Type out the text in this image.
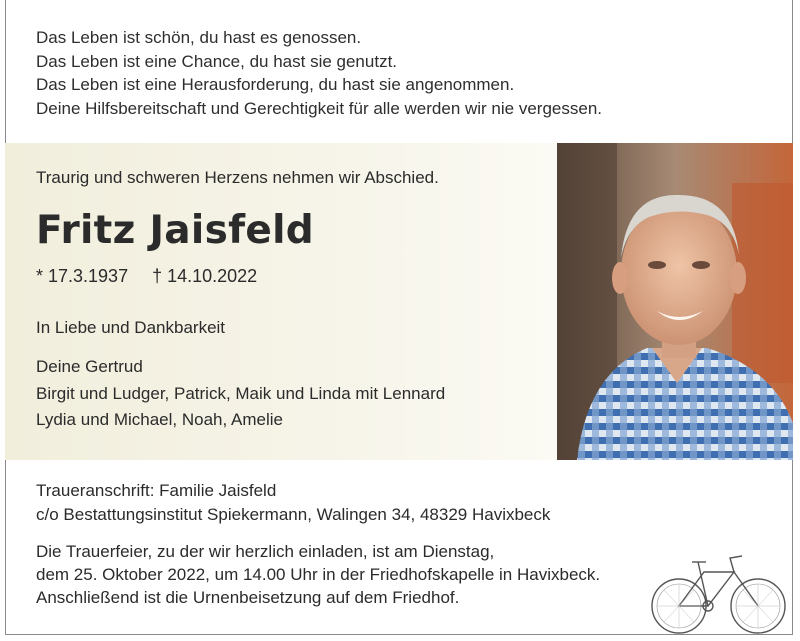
Das Leben ist schön, du hast es genossen.
Das Leben ist eine Chance, du hast sie genutzt.
Das Leben ist eine Herausforderung, du hast sie angenommen.
Deine Hilfsbereitschaft und Gerechtigkeit für alle werden wir nie vergessen.
Traurig und schweren Herzens nehmen wir Abschied.
Fritz Jaisfeld
* 17.3.1937 † 14.10.2022
In Liebe und Dankbarkeit
Deine Gertrud
Birgit und Ludger, Patrick, Maik und Linda mit Lennard
Lydia und Michael, Noah, Amelie
Traueranschrift: Familie Jaisfeld
c/o Bestattungsinstitut Spiekermann, Walingen 34, 48329 Havixbeck
Die Trauerfeier, zu der wir herzlich einladen, ist am Dienstag,
dem 25. Oktober 2022, um 14.00 Uhr in der Friedhofskapelle in Havixbeck.
Anschließend ist die Urnenbeisetzung auf dem Friedhof.
